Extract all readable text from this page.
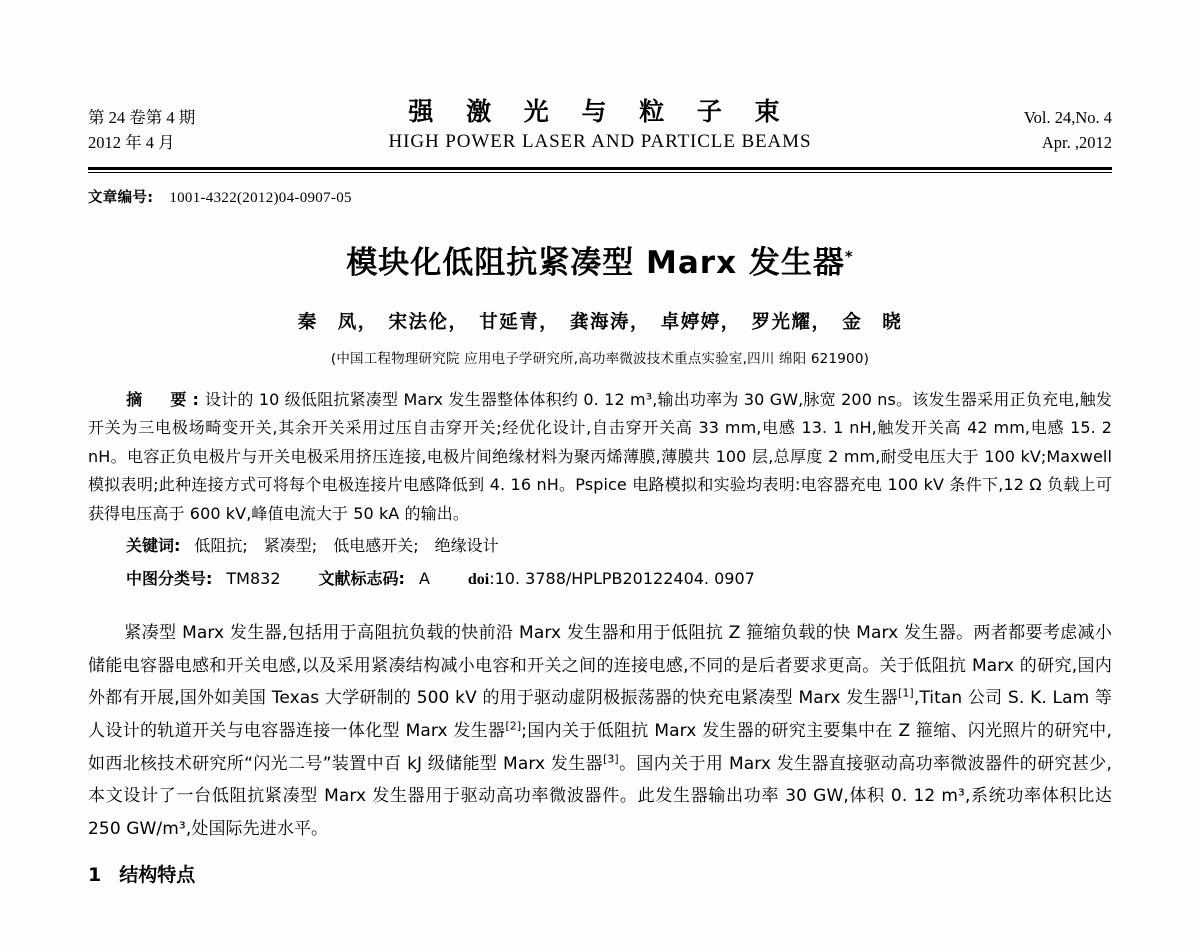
第 24 卷第 4 期
2012 年 4 月
强 激 光 与 粒 子 束
HIGH POWER LASER AND PARTICLE BEAMS
Vol. 24,No. 4
Apr. ,2012
文章编号: 1001-4322(2012)04-0907-05
模块化低阻抗紧凑型 Marx 发生器*
秦　凤，　宋法伦，　甘延青，　龚海涛，　卓婷婷，　罗光耀，　金　晓
(中国工程物理研究院 应用电子学研究所,高功率微波技术重点实验室,四川 绵阳 621900)
摘　要:设计的 10 级低阻抗紧凑型 Marx 发生器整体体积约 0. 12 m³,输出功率为 30 GW,脉宽 200 ns。该发生器采用正负充电,触发开关为三电极场畸变开关,其余开关采用过压自击穿开关;经优化设计,自击穿开关高 33 mm,电感 13. 1 nH,触发开关高 42 mm,电感 15. 2 nH。电容正负电极片与开关电极采用挤压连接,电极片间绝缘材料为聚丙烯薄膜,薄膜共 100 层,总厚度 2 mm,耐受电压大于 100 kV;Maxwell 模拟表明;此种连接方式可将每个电极连接片电感降低到 4. 16 nH。Pspice 电路模拟和实验均表明:电容器充电 100 kV 条件下,12 Ω 负载上可获得电压高于 600 kV,峰值电流大于 50 kA 的输出。
关键词: 低阻抗;　紧凑型;　低电感开关;　绝缘设计
中图分类号: TM832 文献标志码: A doi:10. 3788/HPLPB20122404. 0907
紧凑型 Marx 发生器,包括用于高阻抗负载的快前沿 Marx 发生器和用于低阻抗 Z 箍缩负载的快 Marx 发生器。两者都要考虑减小储能电容器电感和开关电感,以及采用紧凑结构减小电容和开关之间的连接电感,不同的是后者要求更高。关于低阻抗 Marx 的研究,国内外都有开展,国外如美国 Texas 大学研制的 500 kV 的用于驱动虚阴极振荡器的快充电紧凑型 Marx 发生器[1],Titan 公司 S. K. Lam 等人设计的轨道开关与电容器连接一体化型 Marx 发生器[2];国内关于低阻抗 Marx 发生器的研究主要集中在 Z 箍缩、闪光照片的研究中,如西北核技术研究所“闪光二号”装置中百 kJ 级储能型 Marx 发生器[3]。国内关于用 Marx 发生器直接驱动高功率微波器件的研究甚少,本文设计了一台低阻抗紧凑型 Marx 发生器用于驱动高功率微波器件。此发生器输出功率 30 GW,体积 0. 12 m³,系统功率体积比达 250 GW/m³,处国际先进水平。
1 结构特点
